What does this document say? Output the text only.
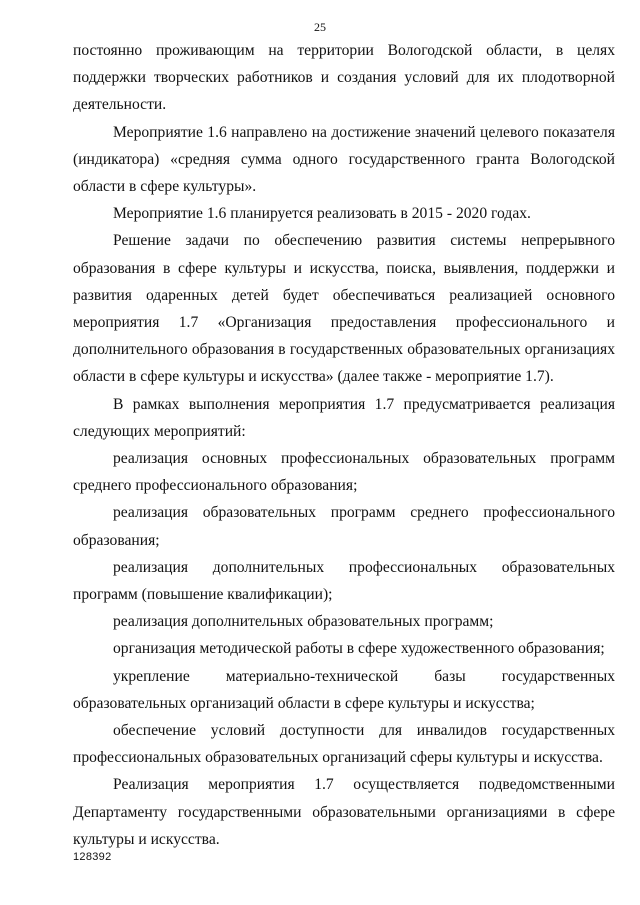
25

постоянно проживающим на территории Вологодской области, в целях поддержки творческих работников и создания условий для их плодотворной деятельности.

Мероприятие 1.6 направлено на достижение значений целевого показателя (индикатора) «средняя сумма одного государственного гранта Вологодской области в сфере культуры».

Мероприятие 1.6 планируется реализовать в 2015 - 2020 годах.

Решение задачи по обеспечению развития системы непрерывного образования в сфере культуры и искусства, поиска, выявления, поддержки и развития одаренных детей будет обеспечиваться реализацией основного мероприятия 1.7 «Организация предоставления профессионального и дополнительного образования в государственных образовательных организациях области в сфере культуры и искусства» (далее также - мероприятие 1.7).

В рамках выполнения мероприятия 1.7 предусматривается реализация следующих мероприятий:

реализация основных профессиональных образовательных программ среднего профессионального образования;

реализация образовательных программ среднего профессионального образования;

реализация дополнительных профессиональных образовательных программ (повышение квалификации);

реализация дополнительных образовательных программ;

организация методической работы в сфере художественного образования;

укрепление материально-технической базы государственных образовательных организаций области в сфере культуры и искусства;

обеспечение условий доступности для инвалидов государственных профессиональных образовательных организаций сферы культуры и искусства.

Реализация мероприятия 1.7 осуществляется подведомственными Департаменту государственными образовательными организациями в сфере культуры и искусства.

128392
